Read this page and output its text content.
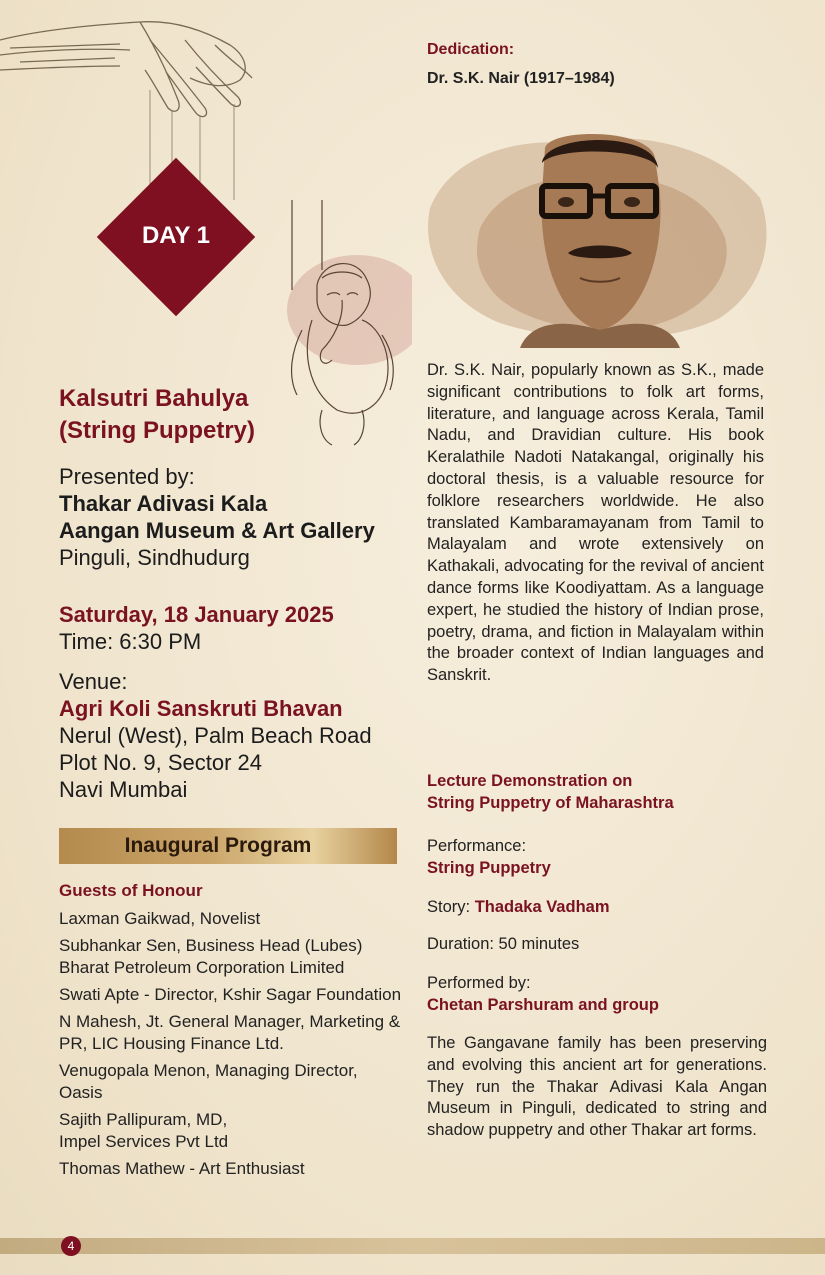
DAY 1
Kalsutri Bahulya
(String Puppetry)
Presented by:
Thakar Adivasi Kala
Aangan Museum & Art Gallery
Pinguli, Sindhudurg
Saturday, 18 January 2025
Time: 6:30 PM
Venue:
Agri Koli Sanskruti Bhavan
Nerul (West), Palm Beach Road
Plot No. 9, Sector 24
Navi Mumbai
Inaugural Program
Guests of Honour
Laxman Gaikwad, Novelist
Subhankar Sen, Business Head (Lubes) Bharat Petroleum Corporation Limited
Swati Apte - Director, Kshir Sagar Foundation
N Mahesh, Jt. General Manager, Marketing & PR, LIC Housing Finance Ltd.
Venugopala Menon, Managing Director, Oasis
Sajith Pallipuram, MD,
Impel Services Pvt Ltd
Thomas Mathew - Art Enthusiast
Dedication:
Dr. S.K. Nair (1917–1984)
Dr. S.K. Nair, popularly known as S.K., made significant contributions to folk art forms, literature, and language across Kerala, Tamil Nadu, and Dravidian culture. His book Keralathile Nadoti Natakangal, originally his doctoral thesis, is a valuable resource for folklore researchers worldwide. He also translated Kambaramayanam from Tamil to Malayalam and wrote extensively on Kathakali, advocating for the revival of ancient dance forms like Koodiyattam. As a language expert, he studied the history of Indian prose, poetry, drama, and fiction in Malayalam within the broader context of Indian languages and Sanskrit.
Lecture Demonstration on
String Puppetry of Maharashtra
Performance:
String Puppetry
Story: Thadaka Vadham
Duration: 50 minutes
Performed by:
Chetan Parshuram and group
The Gangavane family has been preserving and evolving this ancient art for generations. They run the Thakar Adivasi Kala Angan Museum in Pinguli, dedicated to string and shadow puppetry and other Thakar art forms.
4
